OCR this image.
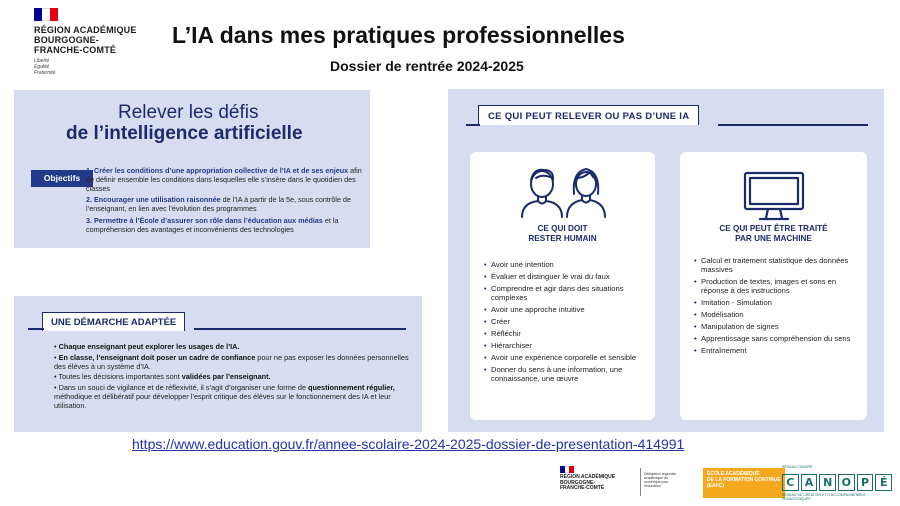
RÉGION ACADÉMIQUE
BOURGOGNE-
FRANCHE-COMTÉ
Liberté
Égalité
Fraternité
L’IA dans mes pratiques professionnelles
Dossier de rentrée 2024-2025
Relever les défis
de l’intelligence artificielle
Objectifs
1. Créer les conditions d’une appropriation collective de l’IA et de ses enjeux afin de définir ensemble les conditions dans lesquelles elle s’insère dans le quotidien des classes
2. Encourager une utilisation raisonnée de l’IA à partir de la 5e, sous contrôle de l’enseignant, en lien avec l’évolution des programmes
3. Permettre à l’École d’assurer son rôle dans l’éducation aux médias et la compréhension des avantages et inconvénients des technologies
UNE DÉMARCHE ADAPTÉE
• Chaque enseignant peut explorer les usages de l’IA.
• En classe, l’enseignant doit poser un cadre de confiance pour ne pas exposer les données personnelles des élèves à un système d’IA.
• Toutes les décisions importantes sont validées par l’enseignant.
• Dans un souci de vigilance et de réflexivité, il s’agit d’organiser une forme de questionnement régulier, méthodique et délibératif pour développer l’esprit critique des élèves sur le fonctionnement des IA et leur utilisation.
CE QUI PEUT RELEVER OU PAS D’UNE IA
CE QUI DOIT
RESTER HUMAIN
• Avoir une intention
• Évaluer et distinguer le vrai du faux
• Comprendre et agir dans des situations complexes
• Avoir une approche intuitive
• Créer
• Réfléchir
• Hiérarchiser
• Avoir une expérience corporelle et sensible
• Donner du sens à une information, une connaissance, une œuvre
CE QUI PEUT ÊTRE TRAITÉ
PAR UNE MACHINE
• Calcul et traitement statistique des données massives
• Production de textes, images et sons en réponse à des instructions
• Imitation - Simulation
• Modélisation
• Manipulation de signes
• Apprentissage sans compréhension du sens
• Entraînement
https://www.education.gouv.fr/annee-scolaire-2024-2025-dossier-de-presentation-414991
RÉGION ACADÉMIQUE
BOURGOGNE-
FRANCHE-COMTÉ
Délégation régionale académique au numérique pour l’éducation
ÉCOLE ACADÉMIQUE
DE LA FORMATION CONTINUE
(EAFC)
RÉSEAU CANOPÉ
C A N O P É
RÉSEAU DE CRÉATION ET D’ACCOMPAGNEMENT PÉDAGOGIQUES
